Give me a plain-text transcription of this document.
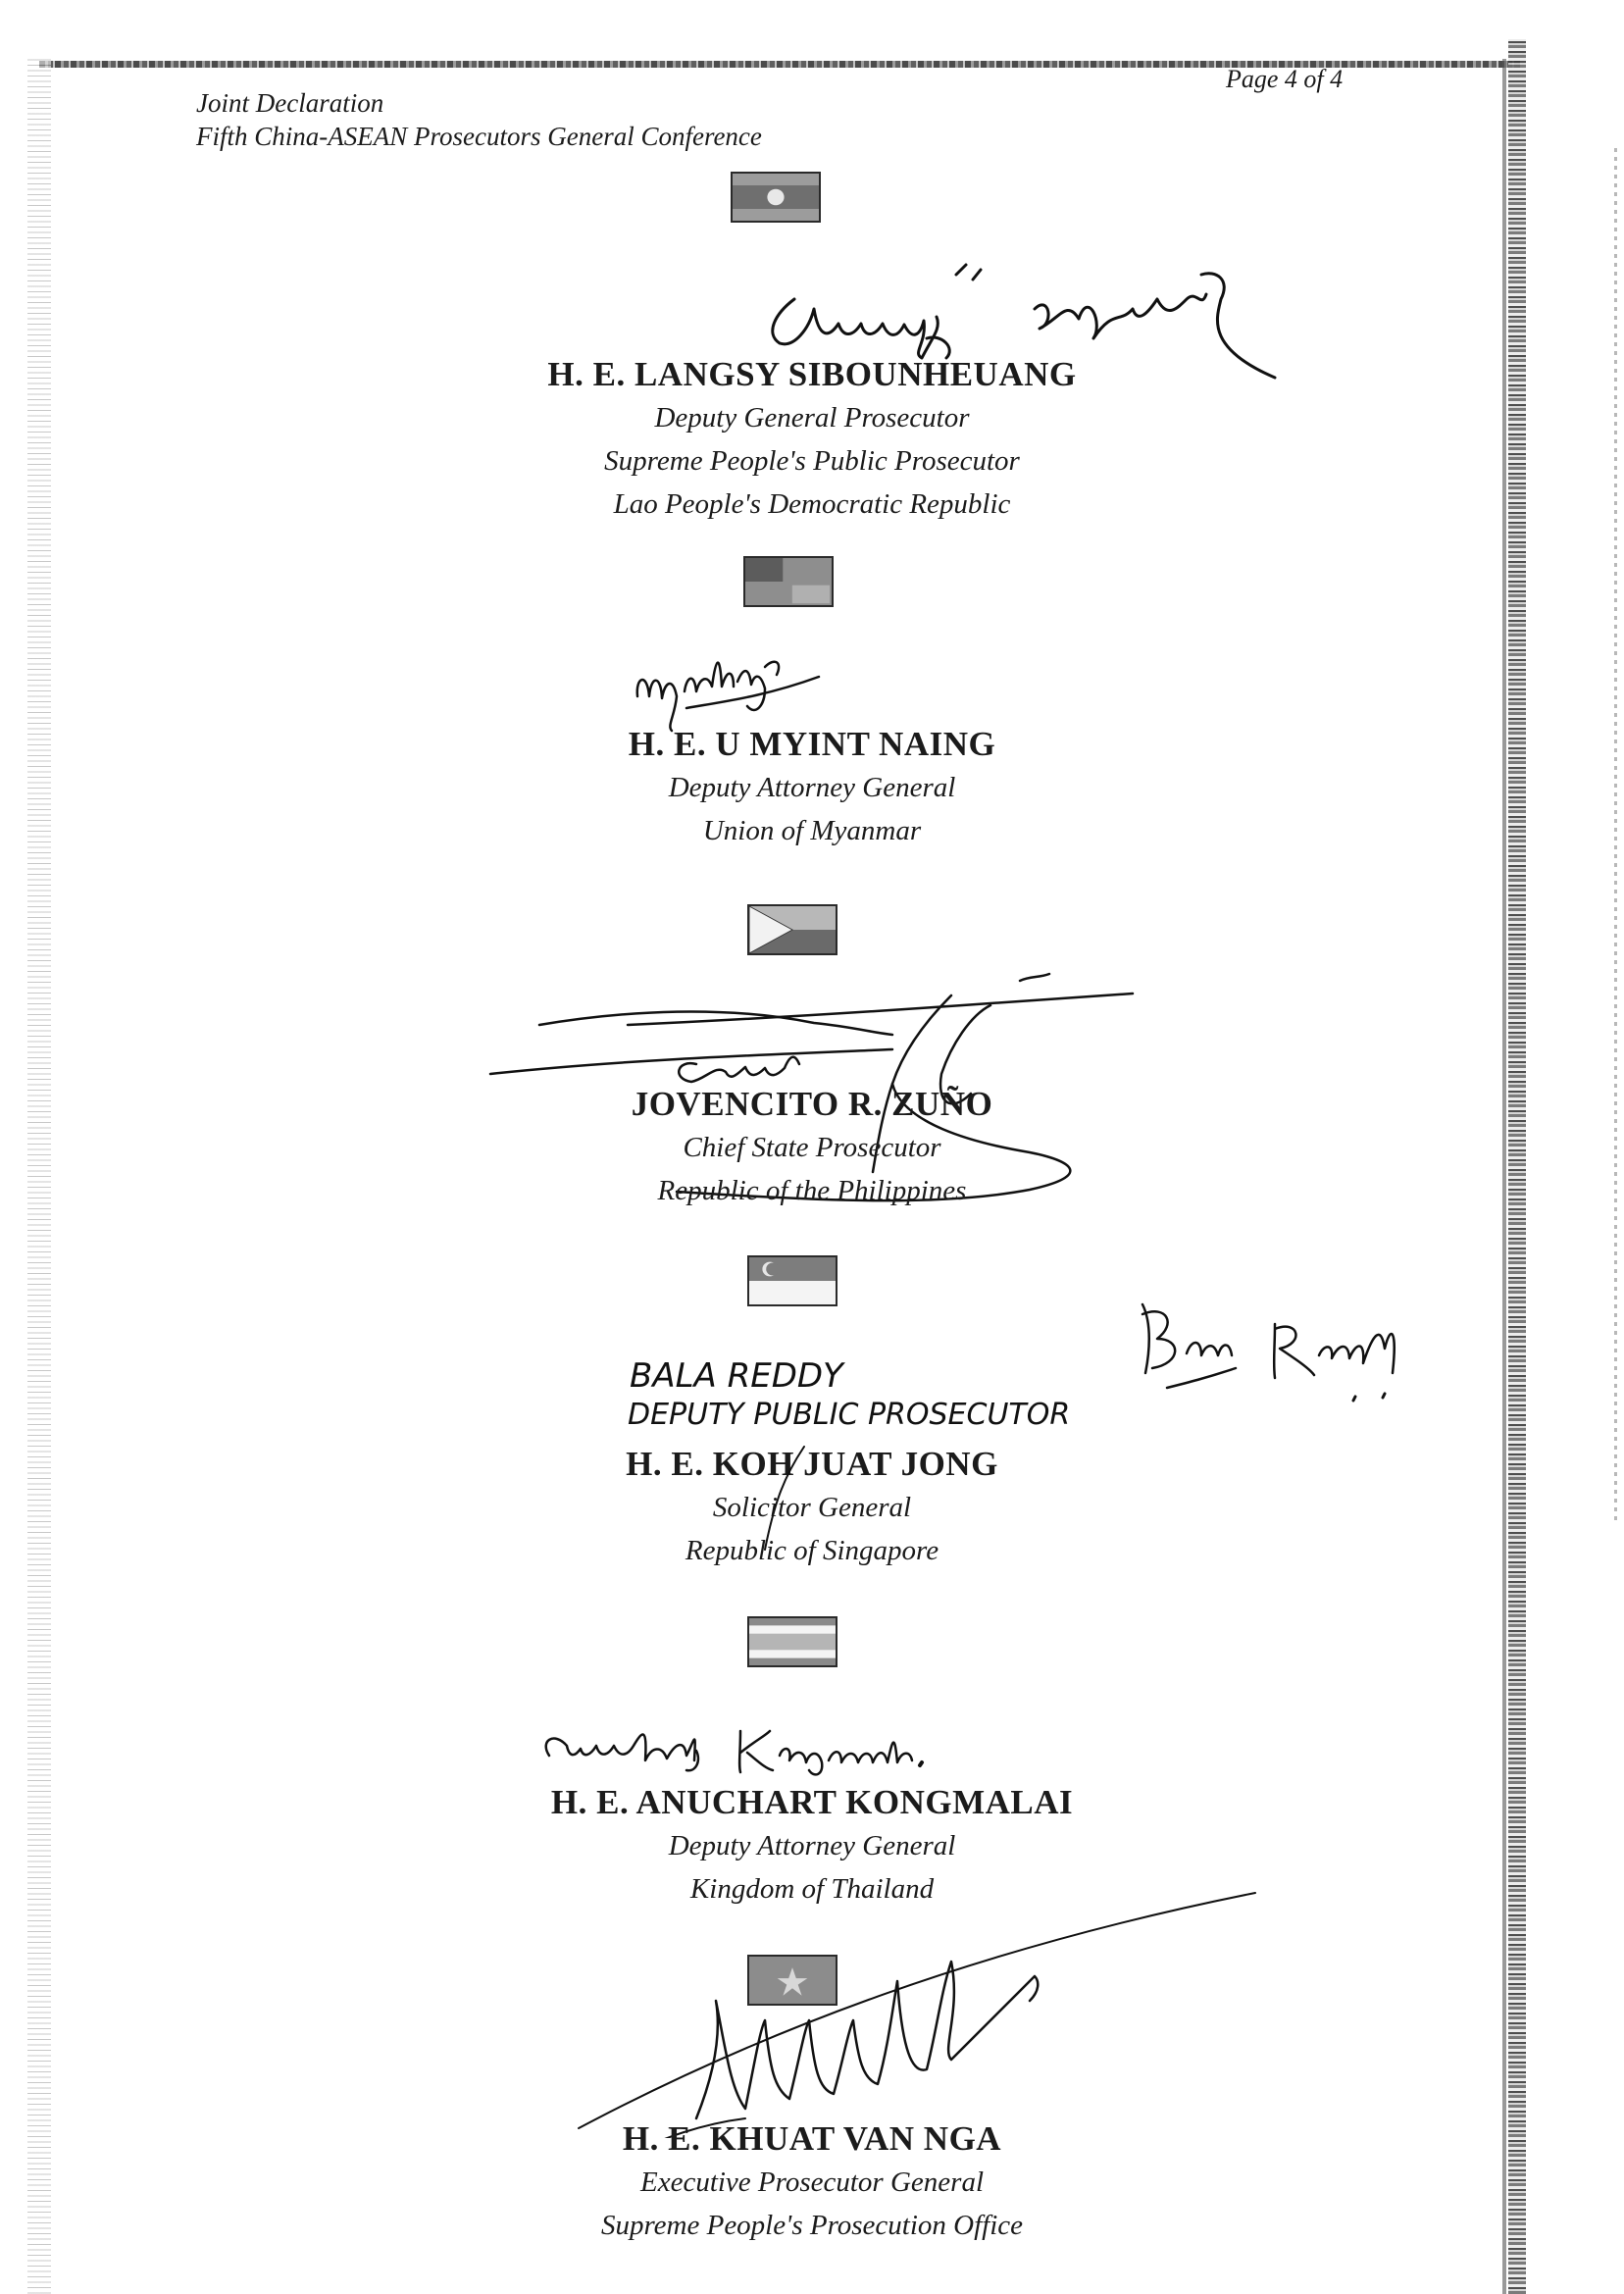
Joint Declaration
Fifth China-ASEAN Prosecutors General Conference
Page 4 of 4
H. E. LANGSY SIBOUNHEUANG
Deputy General Prosecutor
Supreme People's Public Prosecutor
Lao People's Democratic Republic
H. E. U MYINT NAING
Deputy Attorney General
Union of Myanmar
JOVENCITO R. ZUÑO
Chief State Prosecutor
Republic of the Philippines
BALA REDDY
DEPUTY PUBLIC PROSECUTOR
H. E. KOH JUAT JONG
Solicitor General
Republic of Singapore
H. E. ANUCHART KONGMALAI
Deputy Attorney General
Kingdom of Thailand
H. E. KHUAT VAN NGA
Executive Prosecutor General
Supreme People's Prosecution Office
